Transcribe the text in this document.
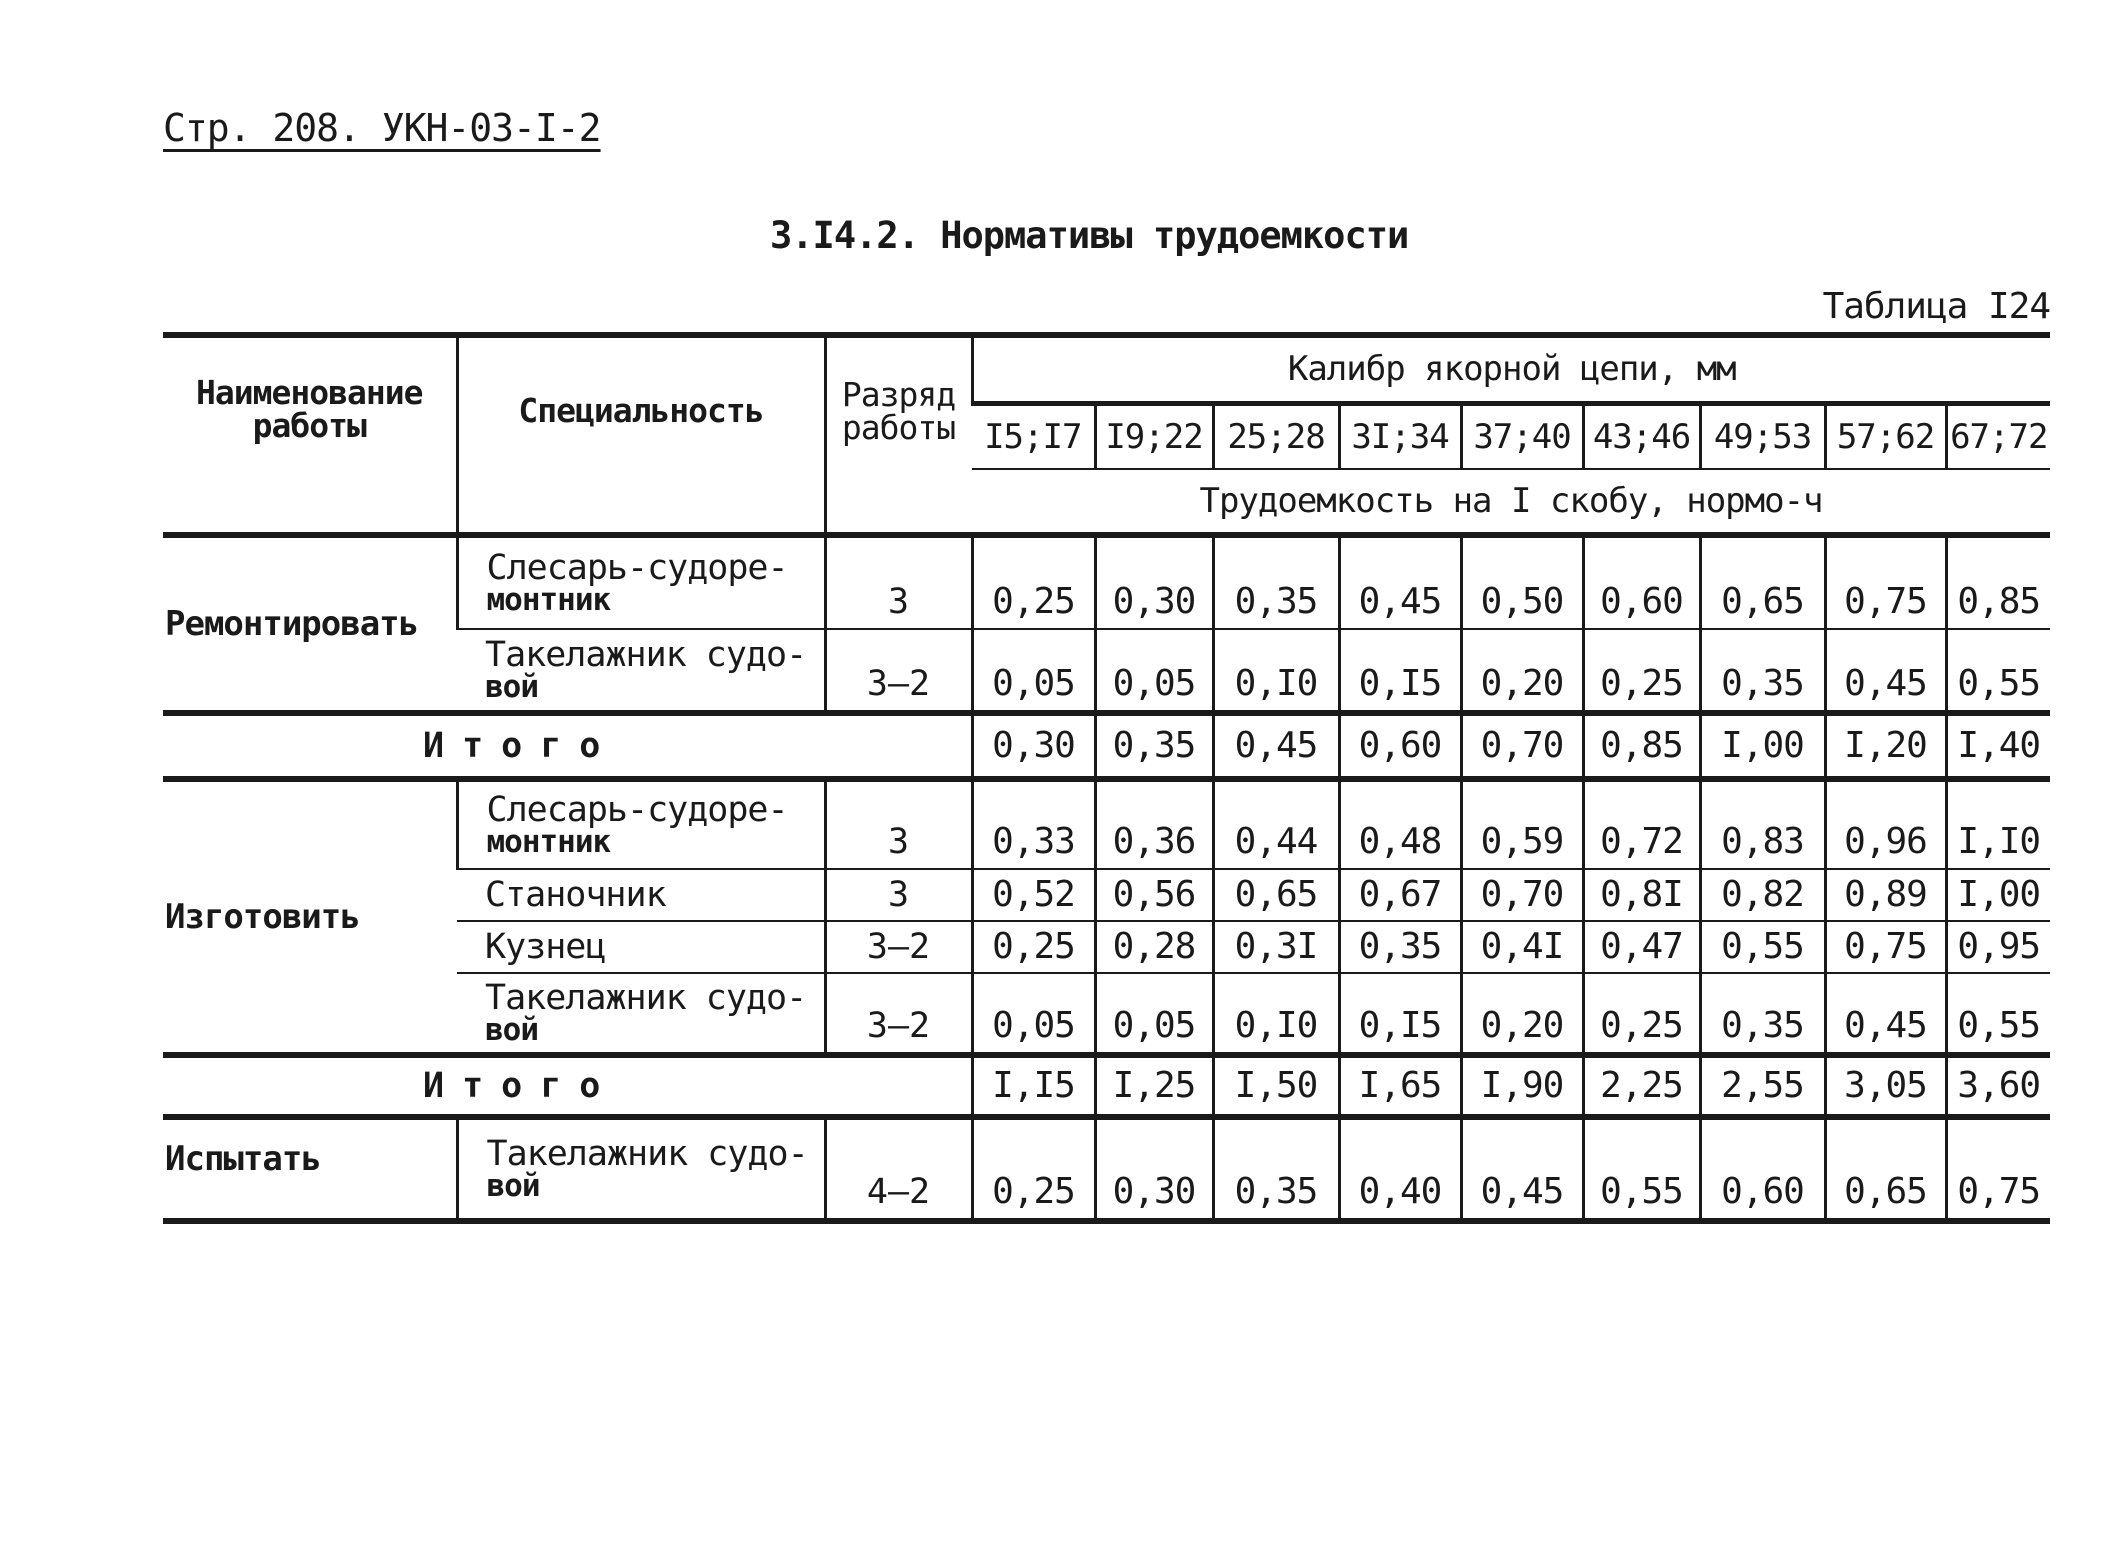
Стр. 208. УКН-03-I-2
3.I4.2. Нормативы трудоемкости
Таблица I24
Наименование работы	Специальность	Разряд работы	Калибр якорной цепи, мм								
			I5;I7	I9;22	25;28	3I;34	37;40	43;46	49;53	57;62	67;72
			Трудоемкость на I скобу, нормо-ч								
Ремонтировать	Слесарь-судоре-
монтник	3	0,25	0,30	0,35	0,45	0,50	0,60	0,65	0,75	0,85

	Такелажник судо-
вой	3–2	0,05	0,05	0,I0	0,I5	0,20	0,25	0,35	0,45	0,55
Итого			0,30	0,35	0,45	0,60	0,70	0,85	I,00	I,20	I,40
Изготовить	Слесарь-судоре-
монтник	3	0,33	0,36	0,44	0,48	0,59	0,72	0,83	0,96	I,I0

	Станочник	3	0,52	0,56	0,65	0,67	0,70	0,8I	0,82	0,89	I,00

	Кузнец	3–2	0,25	0,28	0,3I	0,35	0,4I	0,47	0,55	0,75	0,95

	Такелажник судо-
вой	3–2	0,05	0,05	0,I0	0,I5	0,20	0,25	0,35	0,45	0,55
Итого			I,I5	I,25	I,50	I,65	I,90	2,25	2,55	3,05	3,60
Испытать	Такелажник судо-
вой	4–2	0,25	0,30	0,35	0,40	0,45	0,55	0,60	0,65	0,75
